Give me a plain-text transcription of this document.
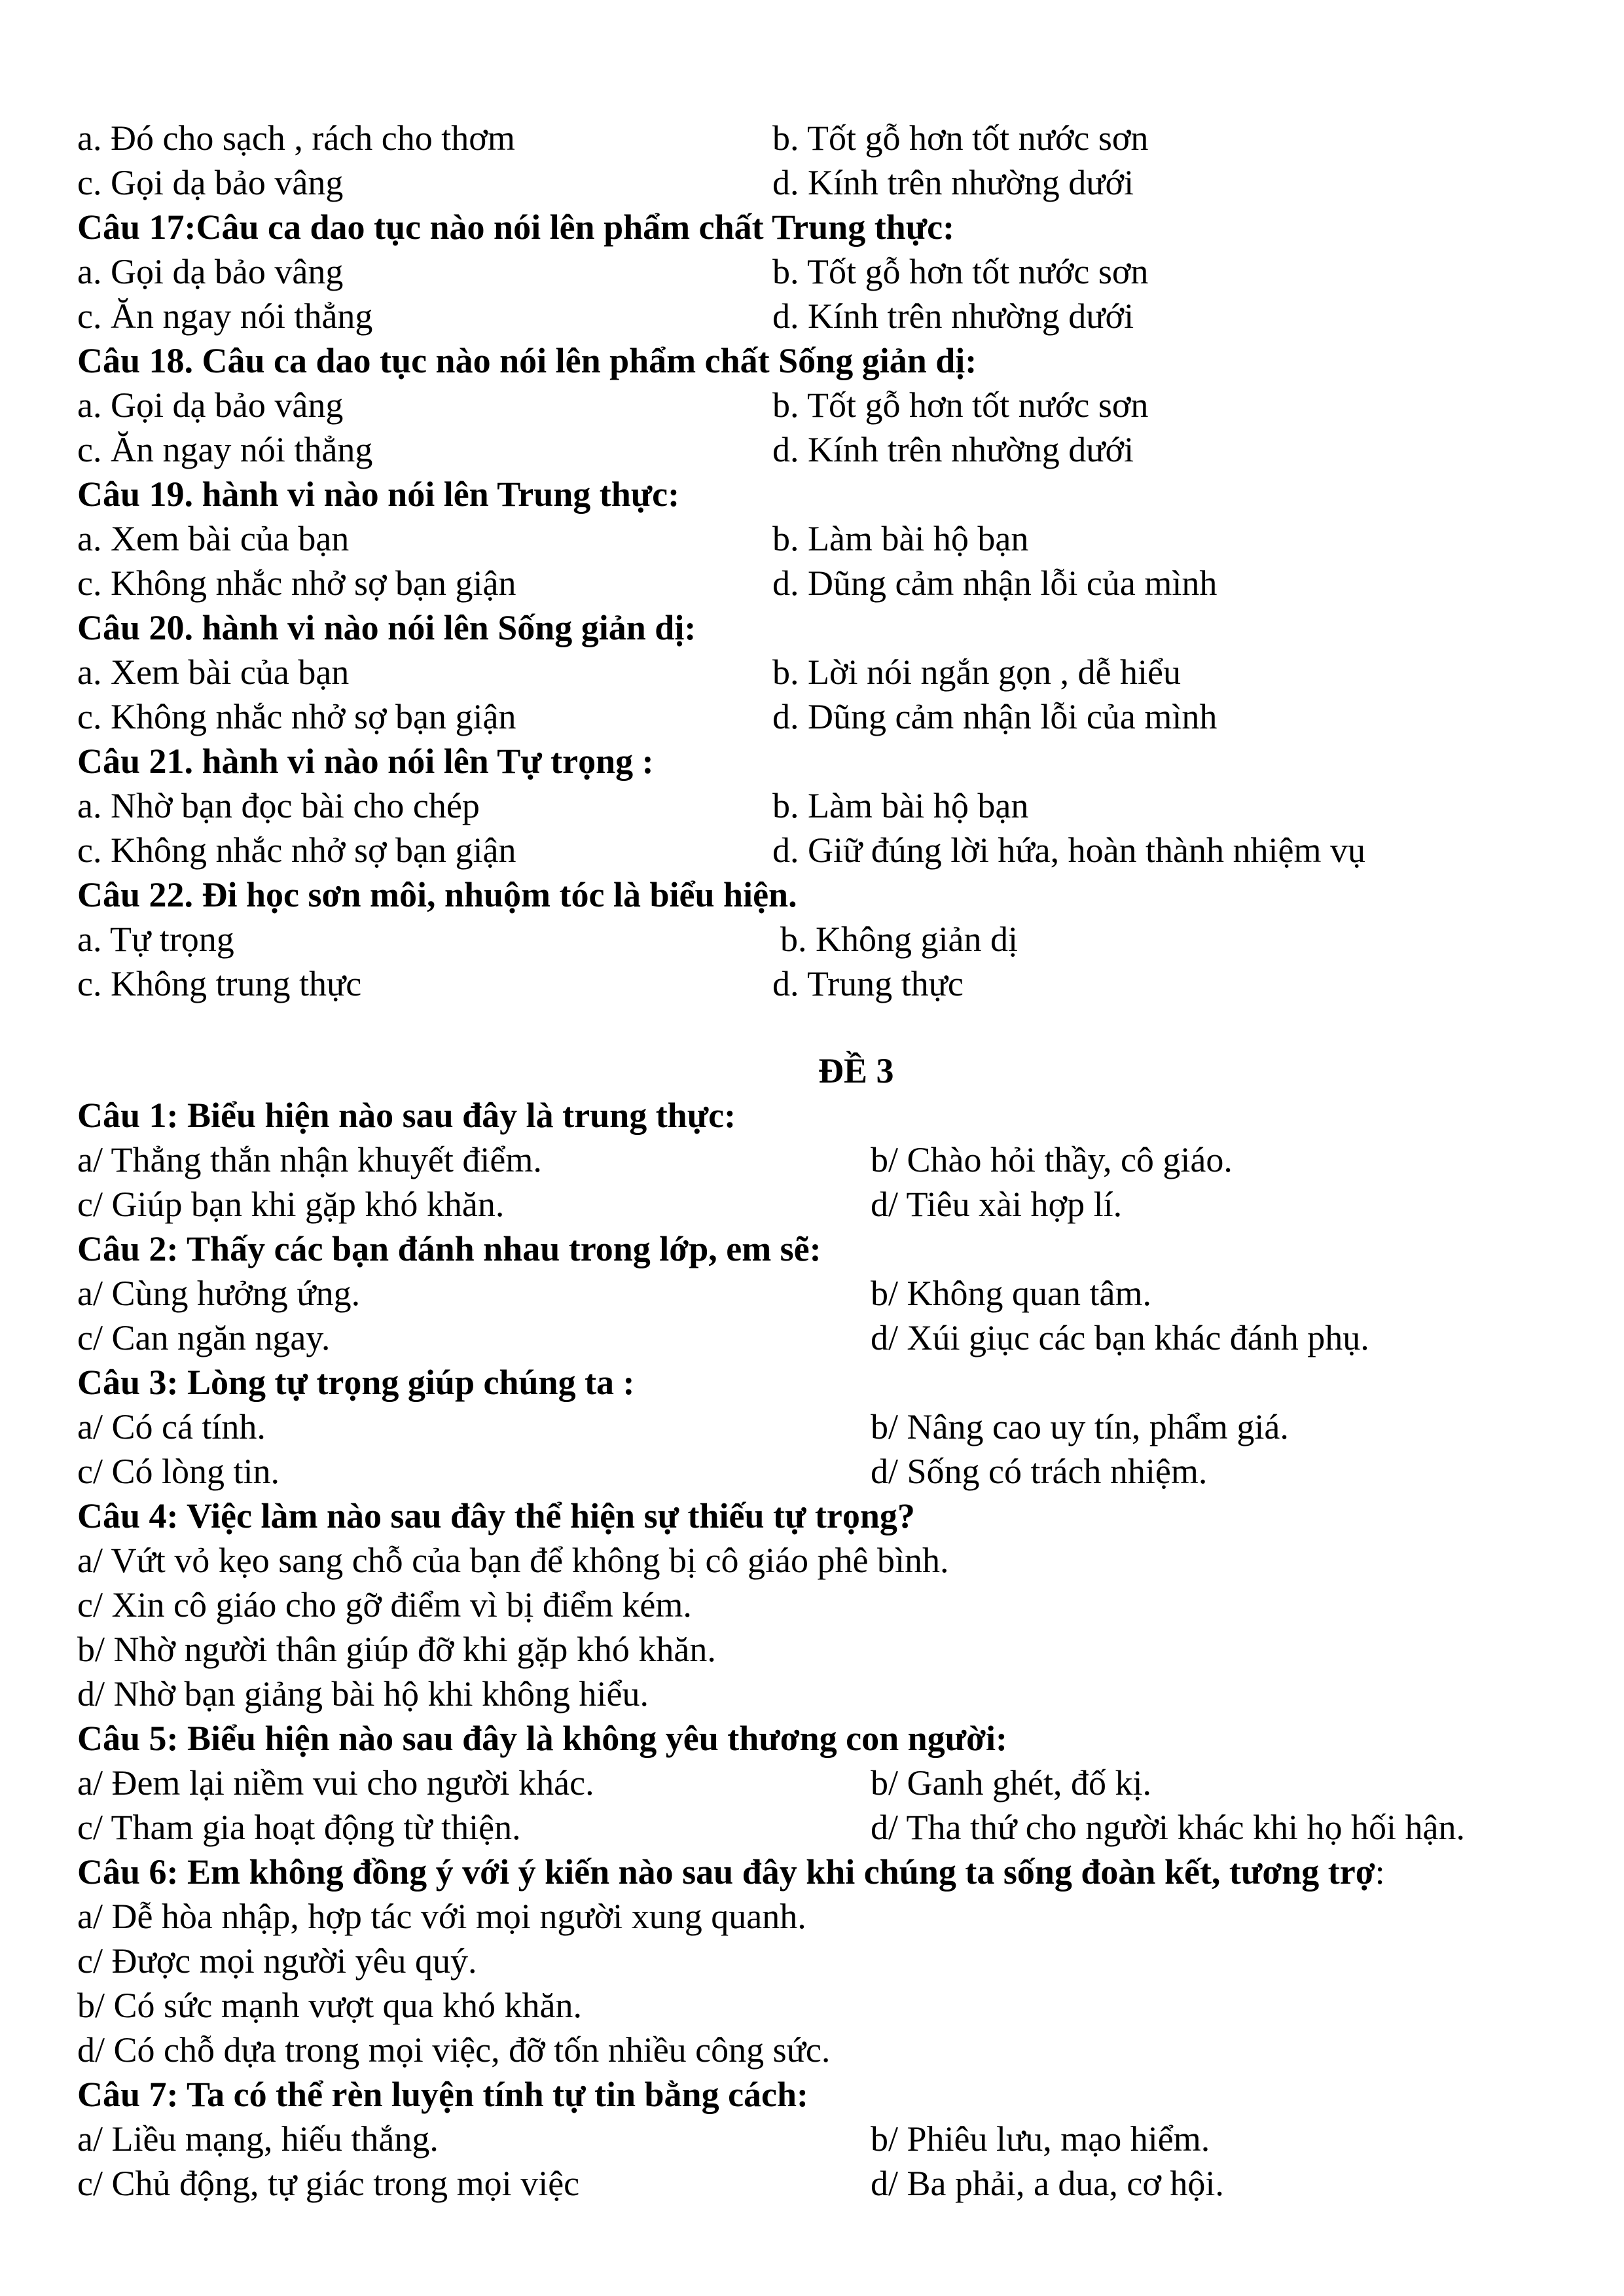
a. Đó cho sạch , rách cho thơm	b. Tốt gỗ hơn tốt nước sơn
c. Gọi dạ bảo vâng	d. Kính trên nhường dưới
Câu 17:Câu ca dao tục nào nói lên phẩm chất Trung thực:
a. Gọi dạ bảo vâng	b. Tốt gỗ hơn tốt nước sơn
c. Ăn ngay nói thẳng	d. Kính trên nhường dưới
Câu 18. Câu ca dao tục nào nói lên phẩm chất Sống giản dị:
a. Gọi dạ bảo vâng	b. Tốt gỗ hơn tốt nước sơn
c. Ăn ngay nói thẳng	d. Kính trên nhường dưới
Câu 19. hành vi nào nói lên Trung thực:
a. Xem bài của bạn	b. Làm bài hộ bạn
c. Không nhắc nhở sợ bạn giận	d. Dũng cảm nhận lỗi của mình
Câu 20. hành vi nào nói lên Sống giản dị:
a. Xem bài của bạn	b. Lời nói ngắn gọn , dễ hiểu
c. Không nhắc nhở sợ bạn giận	d. Dũng cảm nhận lỗi của mình
Câu 21. hành vi nào nói lên Tự trọng :
a. Nhờ bạn đọc bài cho chép	b. Làm bài hộ bạn
c. Không nhắc nhở sợ bạn giận	d. Giữ đúng lời hứa, hoàn thành nhiệm vụ
Câu 22. Đi học sơn môi, nhuộm tóc là biểu hiện.
a. Tự trọng	b. Không giản dị
c. Không trung thực	d. Trung thực
ĐỀ 3
Câu 1: Biểu hiện nào sau đây là trung thực:
a/ Thẳng thắn nhận khuyết điểm.	b/ Chào hỏi thầy, cô giáo.
c/ Giúp bạn khi gặp khó khăn.	d/ Tiêu xài hợp lí.
Câu 2: Thấy các bạn đánh nhau trong lớp, em sẽ:
a/ Cùng hưởng ứng.	b/ Không quan tâm.
c/ Can ngăn ngay.	d/ Xúi giục các bạn khác đánh phụ.
Câu 3: Lòng tự trọng giúp chúng ta :
a/ Có cá tính.	b/ Nâng cao uy tín, phẩm giá.
c/ Có lòng tin.	d/ Sống có trách nhiệm.
Câu 4: Việc làm nào sau đây thể hiện sự thiếu tự trọng?
a/ Vứt vỏ kẹo sang chỗ của bạn để không bị cô giáo phê bình.
c/ Xin cô giáo cho gỡ điểm vì bị điểm kém.
b/ Nhờ người thân giúp đỡ khi gặp khó khăn.
d/ Nhờ bạn giảng bài hộ khi không hiểu.
Câu 5: Biểu hiện nào sau đây là không yêu thương con người:
a/ Đem lại niềm vui cho người khác.	b/ Ganh ghét, đố kị.
c/ Tham gia hoạt động từ thiện.	d/ Tha thứ cho người khác khi họ hối hận.
Câu 6: Em không đồng ý với ý kiến nào sau đây khi chúng ta sống đoàn kết, tương trợ:
a/ Dễ hòa nhập, hợp tác với mọi người xung quanh.
c/ Được mọi người yêu quý.
b/ Có sức mạnh vượt qua khó khăn.
d/ Có chỗ dựa trong mọi việc, đỡ tốn nhiều công sức.
Câu 7: Ta có thể rèn luyện tính tự tin bằng cách:
a/ Liều mạng, hiếu thắng.	b/ Phiêu lưu, mạo hiểm.
c/ Chủ động, tự giác trong mọi việc	d/ Ba phải, a dua, cơ hội.
